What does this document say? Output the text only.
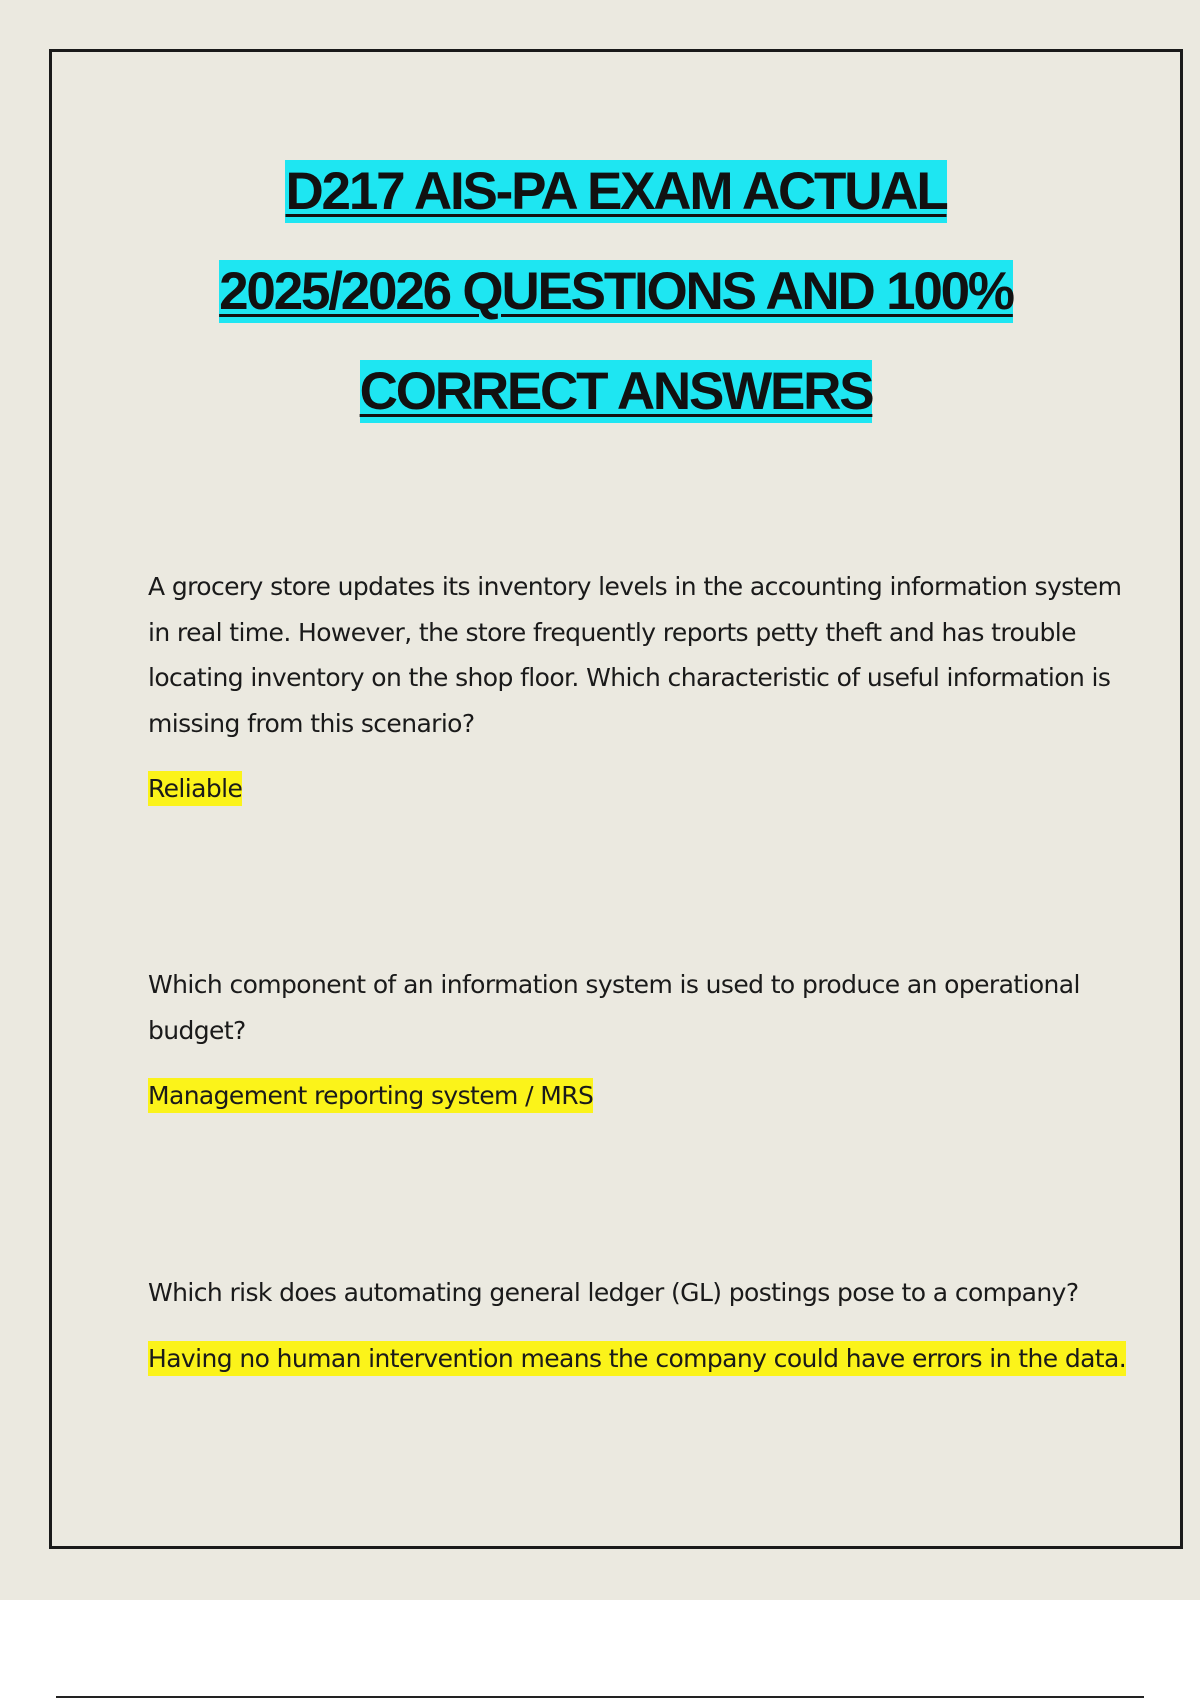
D217 AIS-PA EXAM ACTUAL
2025/2026 QUESTIONS AND 100%
CORRECT ANSWERS

A grocery store updates its inventory levels in the accounting information system in real time. However, the store frequently reports petty theft and has trouble locating inventory on the shop floor. Which characteristic of useful information is missing from this scenario?

Reliable

Which component of an information system is used to produce an operational budget?

Management reporting system / MRS

Which risk does automating general ledger (GL) postings pose to a company?

Having no human intervention means the company could have errors in the data.
